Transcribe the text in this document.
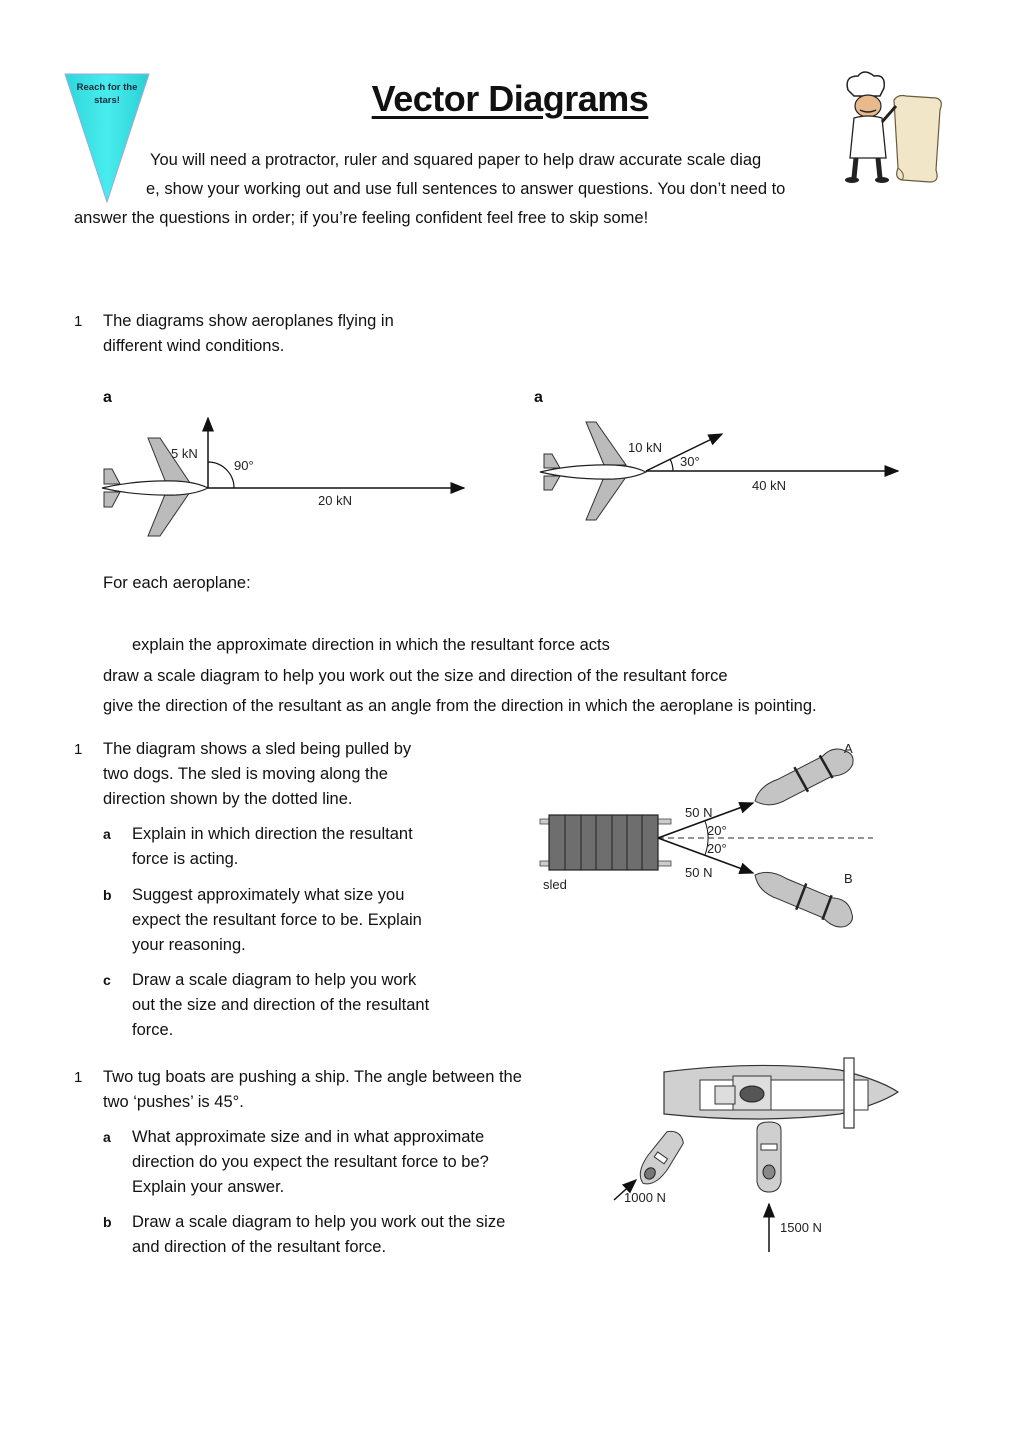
Reach for the
stars!	Vector Diagrams
You will need a protractor, ruler and squared paper to help draw accurate scale diag
e, show your working out and use full sentences to answer questions. You don’t need to
answer the questions in order; if you’re feeling confident feel free to skip some!
1 The diagrams show aeroplanes flying in
different wind conditions.
a	a
5 kN
90°
20 kN
10 kN
30°
40 kN
For each aeroplane:
explain the approximate direction in which the resultant force acts
draw a scale diagram to help you work out the size and direction of the resultant force
give the direction of the resultant as an angle from the direction in which the aeroplane is pointing.
1 The diagram shows a sled being pulled by
two dogs. The sled is moving along the
direction shown by the dotted line.
a Explain in which direction the resultant
force is acting.
b Suggest approximately what size you
expect the resultant force to be. Explain
your reasoning.
c Draw a scale diagram to help you work
out the size and direction of the resultant
force.
50 N
50 N
20°
20°
sled
A
B
1 Two tug boats are pushing a ship. The angle between the
two ‘pushes’ is 45°.
a What approximate size and in what approximate
direction do you expect the resultant force to be?
Explain your answer.
b Draw a scale diagram to help you work out the size
and direction of the resultant force.
1000 N
1500 N
